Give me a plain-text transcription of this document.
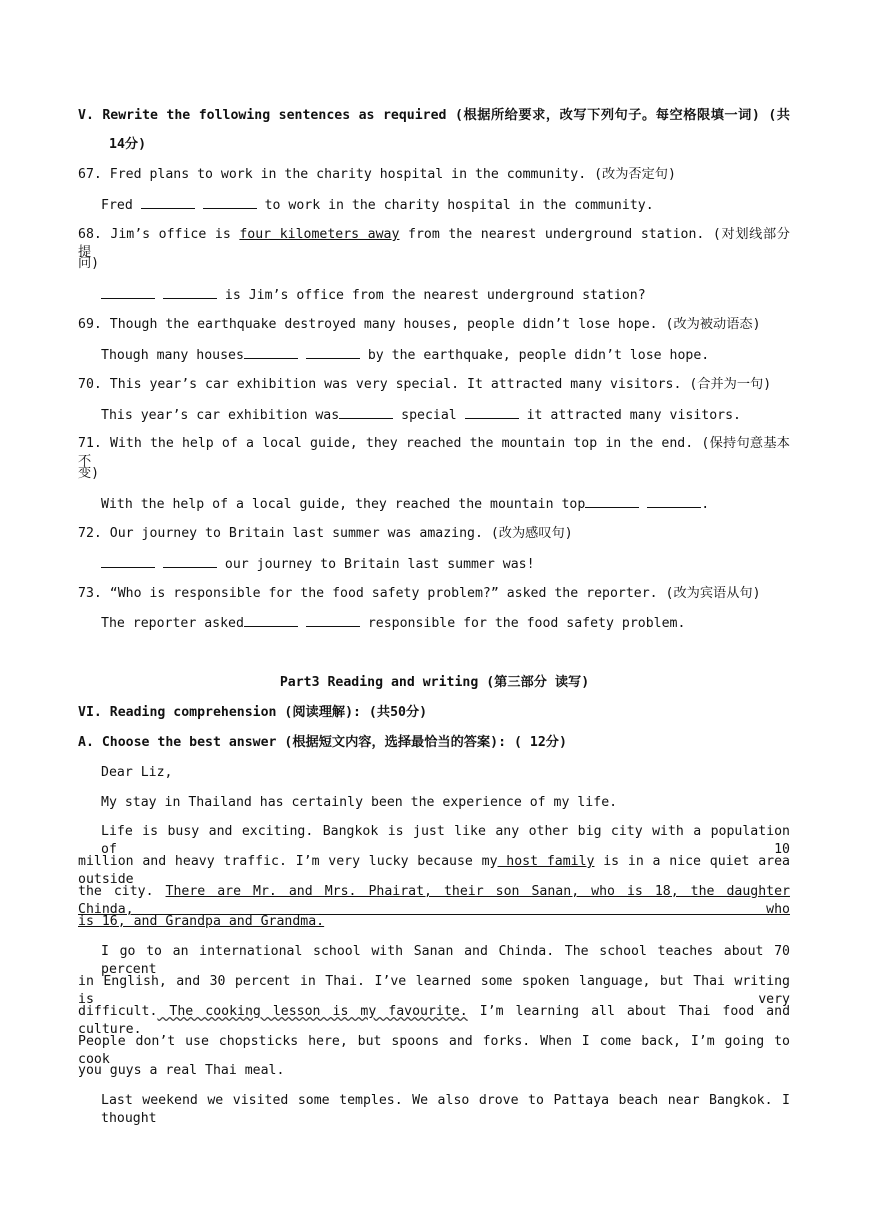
V. Rewrite the following sentences as required (根据所给要求，改写下列句子。每空格限填一词) (共
14分)
67. Fred plans to work in the charity hospital in the community. (改为否定句)
Fred	to work in the charity hospital in the community.
68. Jim’s office is four kilometers away from the nearest underground station. (对划线部分提
问)
is Jim’s office from the nearest underground station?
69. Though the earthquake destroyed many houses, people didn’t lose hope. (改为被动语态)
Though many houses	by the earthquake, people didn’t lose hope.
70. This year’s car exhibition was very special. It attracted many visitors. (合并为一句)
This year’s car exhibition was	special	it attracted many visitors.
71. With the help of a local guide, they reached the mountain top in the end. (保持句意基本不
变)
With the help of a local guide, they reached the mountain top	.
72. Our journey to Britain last summer was amazing. (改为感叹句)
our journey to Britain last summer was!
73. “Who is responsible for the food safety problem?” asked the reporter. (改为宾语从句)
The reporter asked	responsible for the food safety problem.
Part3 Reading and writing (第三部分 读写)
VI. Reading comprehension (阅读理解): (共50分)
A. Choose the best answer (根据短文内容，选择最恰当的答案): ( 12分)
Dear Liz,
My stay in Thailand has certainly been the experience of my life.
Life is busy and exciting. Bangkok is just like any other big city with a population of 10
million and heavy traffic. I’m very lucky because my host family is in a nice quiet area outside
the city. There are Mr. and Mrs. Phairat, their son Sanan, who is 18, the daughter Chinda, who
is 16, and Grandpa and Grandma.
I go to an international school with Sanan and Chinda. The school teaches about 70 percent
in English, and 30 percent in Thai. I’ve learned some spoken language, but Thai writing is very
difficult. The cooking lesson is my favourite. I’m learning all about Thai food and culture.
People don’t use chopsticks here, but spoons and forks. When I come back, I’m going to cook
you guys a real Thai meal.
Last weekend we visited some temples. We also drove to Pattaya beach near Bangkok. I thought
